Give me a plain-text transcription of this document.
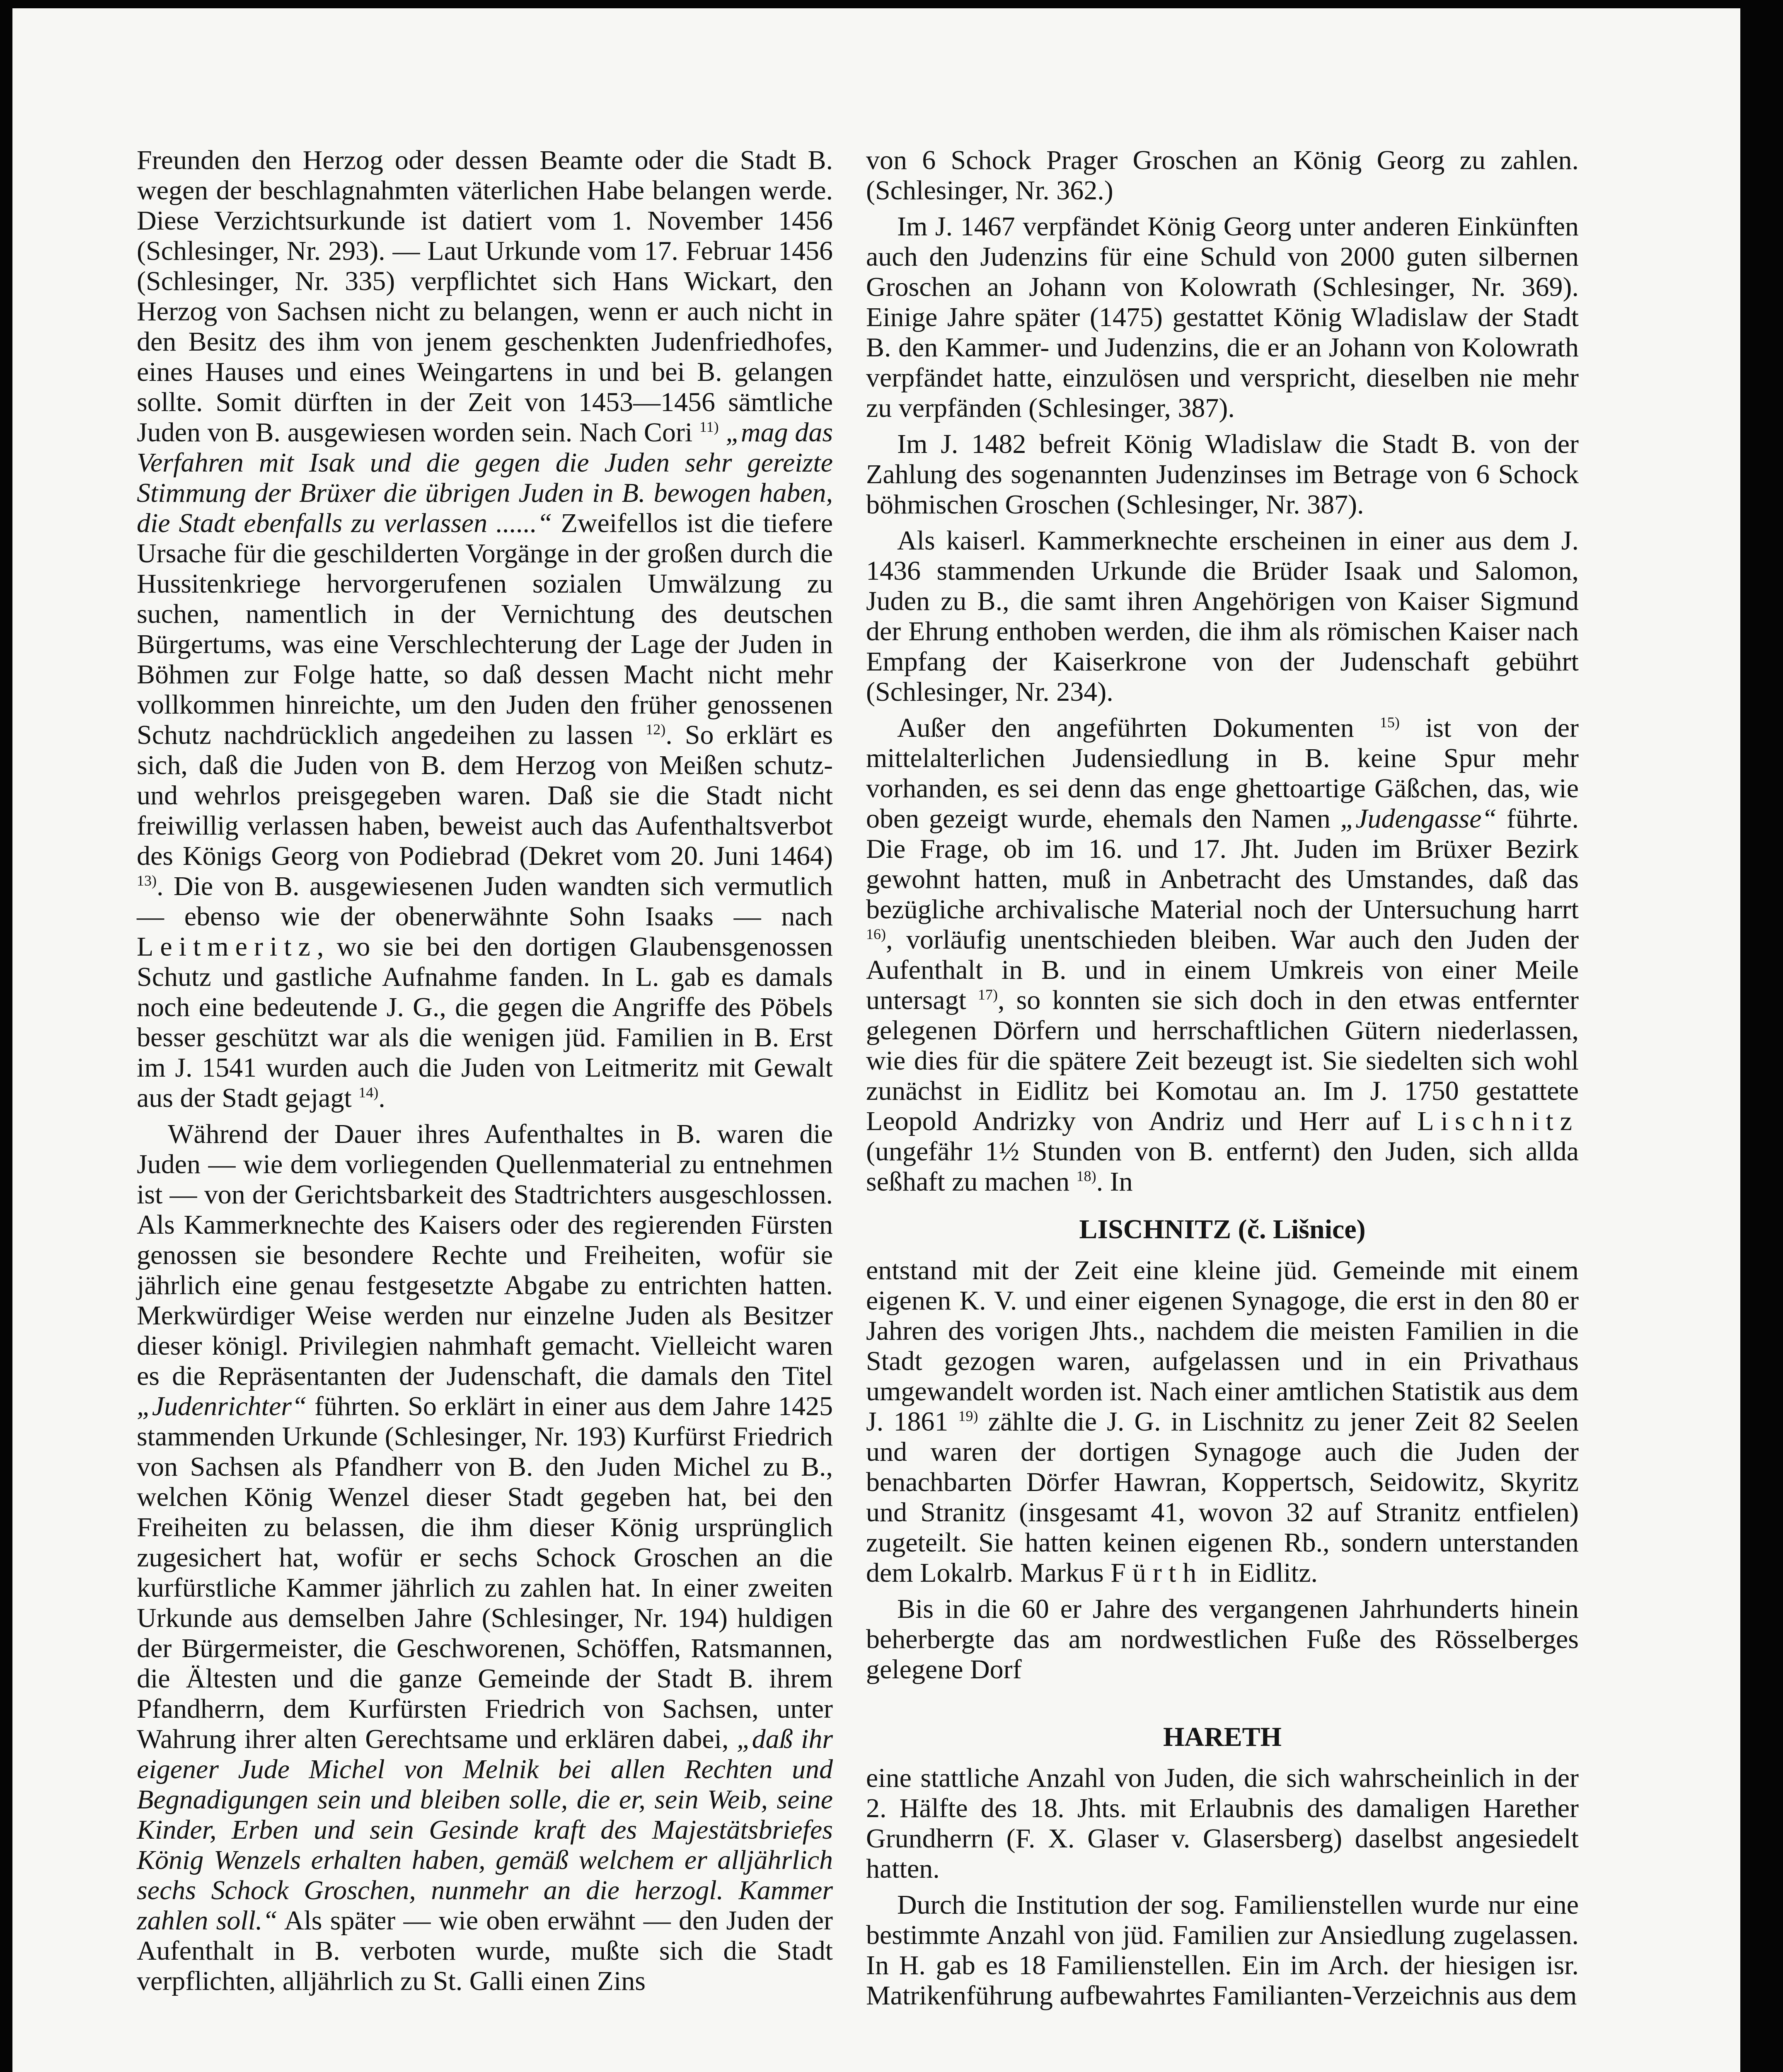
Freunden den Herzog oder dessen Beamte oder die Stadt B. wegen der beschlagnahmten väterlichen Habe belangen werde. Diese Verzichtsurkunde ist datiert vom 1. November 1456 (Schlesinger, Nr. 293). — Laut Urkunde vom 17. Februar 1456 (Schlesinger, Nr. 335) verpflichtet sich Hans Wickart, den Herzog von Sachsen nicht zu belangen, wenn er auch nicht in den Besitz des ihm von jenem geschenkten Judenfriedhofes, eines Hauses und eines Weingartens in und bei B. gelangen sollte. Somit dürften in der Zeit von 1453—1456 sämtliche Juden von B. ausgewiesen worden sein. Nach Cori $^{11)}$ „mag das Verfahren mit Isak und die gegen die Juden sehr gereizte Stimmung der Brüxer die übrigen Juden in B. bewogen haben, die Stadt ebenfalls zu verlassen ......“ Zweifellos ist die tiefere Ursache für die geschilderten Vorgänge in der großen durch die Hussitenkriege hervorgerufenen sozialen Umwälzung zu suchen, namentlich in der Vernichtung des deutschen Bürgertums, was eine Verschlechterung der Lage der Juden in Böhmen zur Folge hatte, so daß dessen Macht nicht mehr vollkommen hinreichte, um den Juden den früher genossenen Schutz nachdrücklich angedeihen zu lassen $^{12)}$. So erklärt es sich, daß die Juden von B. dem Herzog von Meißen schutz- und wehrlos preisgegeben waren. Daß sie die Stadt nicht freiwillig verlassen haben, beweist auch das Aufenthaltsverbot des Königs Georg von Podiebrad (Dekret vom 20. Juni 1464) $^{13)}$. Die von B. ausgewiesenen Juden wandten sich vermutlich — ebenso wie der obenerwähnte Sohn Isaaks — nach Leitmeritz, wo sie bei den dortigen Glaubensgenossen Schutz und gastliche Aufnahme fanden. In L. gab es damals noch eine bedeutende J. G., die gegen die Angriffe des Pöbels besser geschützt war als die wenigen jüd. Familien in B. Erst im J. 1541 wurden auch die Juden von Leitmeritz mit Gewalt aus der Stadt gejagt $^{14)}$.

Während der Dauer ihres Aufenthaltes in B. waren die Juden — wie dem vorliegenden Quellenmaterial zu entnehmen ist — von der Gerichtsbarkeit des Stadtrichters ausgeschlossen. Als Kammerknechte des Kaisers oder des regierenden Fürsten genossen sie besondere Rechte und Freiheiten, wofür sie jährlich eine genau festgesetzte Abgabe zu entrichten hatten. Merkwürdiger Weise werden nur einzelne Juden als Besitzer dieser königl. Privilegien nahmhaft gemacht. Vielleicht waren es die Repräsentanten der Judenschaft, die damals den Titel „Judenrichter“ führten. So erklärt in einer aus dem Jahre 1425 stammenden Urkunde (Schlesinger, Nr. 193) Kurfürst Friedrich von Sachsen als Pfandherr von B. den Juden Michel zu B., welchen König Wenzel dieser Stadt gegeben hat, bei den Freiheiten zu belassen, die ihm dieser König ursprünglich zugesichert hat, wofür er sechs Schock Groschen an die kurfürstliche Kammer jährlich zu zahlen hat. In einer zweiten Urkunde aus demselben Jahre (Schlesinger, Nr. 194) huldigen der Bürgermeister, die Geschworenen, Schöffen, Ratsmannen, die Ältesten und die ganze Gemeinde der Stadt B. ihrem Pfandherrn, dem Kurfürsten Friedrich von Sachsen, unter Wahrung ihrer alten Gerechtsame und erklären dabei, „daß ihr eigener Jude Michel von Melnik bei allen Rechten und Begnadigungen sein und bleiben solle, die er, sein Weib, seine Kinder, Erben und sein Gesinde kraft des Majestätsbriefes König Wenzels erhalten haben, gemäß welchem er alljährlich sechs Schock Groschen, nunmehr an die herzogl. Kammer zahlen soll.“ Als später — wie oben erwähnt — den Juden der Aufenthalt in B. verboten wurde, mußte sich die Stadt verpflichten, alljährlich zu St. Galli einen Zins

von 6 Schock Prager Groschen an König Georg zu zahlen. (Schlesinger, Nr. 362.)

Im J. 1467 verpfändet König Georg unter anderen Einkünften auch den Judenzins für eine Schuld von 2000 guten silbernen Groschen an Johann von Kolowrath (Schlesinger, Nr. 369). Einige Jahre später (1475) gestattet König Wladislaw der Stadt B. den Kammer- und Judenzins, die er an Johann von Kolowrath verpfändet hatte, einzulösen und verspricht, dieselben nie mehr zu verpfänden (Schlesinger, 387).

Im J. 1482 befreit König Wladislaw die Stadt B. von der Zahlung des sogenannten Judenzinses im Betrage von 6 Schock böhmischen Groschen (Schlesinger, Nr. 387).

Als kaiserl. Kammerknechte erscheinen in einer aus dem J. 1436 stammenden Urkunde die Brüder Isaak und Salomon, Juden zu B., die samt ihren Angehörigen von Kaiser Sigmund der Ehrung enthoben werden, die ihm als römischen Kaiser nach Empfang der Kaiserkrone von der Judenschaft gebührt (Schlesinger, Nr. 234).

Außer den angeführten Dokumenten $^{15)}$ ist von der mittelalterlichen Judensiedlung in B. keine Spur mehr vorhanden, es sei denn das enge ghettoartige Gäßchen, das, wie oben gezeigt wurde, ehemals den Namen „Judengasse“ führte. Die Frage, ob im 16. und 17. Jht. Juden im Brüxer Bezirk gewohnt hatten, muß in Anbetracht des Umstandes, daß das bezügliche archivalische Material noch der Untersuchung harrt $^{16)}$, vorläufig unentschieden bleiben. War auch den Juden der Aufenthalt in B. und in einem Umkreis von einer Meile untersagt $^{17)}$, so konnten sie sich doch in den etwas entfernter gelegenen Dörfern und herrschaftlichen Gütern niederlassen, wie dies für die spätere Zeit bezeugt ist. Sie siedelten sich wohl zunächst in Eidlitz bei Komotau an. Im J. 1750 gestattete Leopold Andrizky von Andriz und Herr auf Lischnitz (ungefähr 1½ Stunden von B. entfernt) den Juden, sich allda seßhaft zu machen $^{18)}$. In

LISCHNITZ (č. Lišnice)

entstand mit der Zeit eine kleine jüd. Gemeinde mit einem eigenen K. V. und einer eigenen Synagoge, die erst in den 80 er Jahren des vorigen Jhts., nachdem die meisten Familien in die Stadt gezogen waren, aufgelassen und in ein Privathaus umgewandelt worden ist. Nach einer amtlichen Statistik aus dem J. 1861 $^{19)}$ zählte die J. G. in Lischnitz zu jener Zeit 82 Seelen und waren der dortigen Synagoge auch die Juden der benachbarten Dörfer Hawran, Koppertsch, Seidowitz, Skyritz und Stranitz (insgesamt 41, wovon 32 auf Stranitz entfielen) zugeteilt. Sie hatten keinen eigenen Rb., sondern unterstanden dem Lokalrb. Markus Fürth in Eidlitz.

Bis in die 60 er Jahre des vergangenen Jahrhunderts hinein beherbergte das am nordwestlichen Fuße des Rösselberges gelegene Dorf

HARETH

eine stattliche Anzahl von Juden, die sich wahrscheinlich in der 2. Hälfte des 18. Jhts. mit Erlaubnis des damaligen Harether Grundherrn (F. X. Glaser v. Glasersberg) daselbst angesiedelt hatten.

Durch die Institution der sog. Familienstellen wurde nur eine bestimmte Anzahl von jüd. Familien zur Ansiedlung zugelassen. In H. gab es 18 Familienstellen. Ein im Arch. der hiesigen isr. Matrikenführung aufbewahrtes Familianten-Verzeichnis aus dem
